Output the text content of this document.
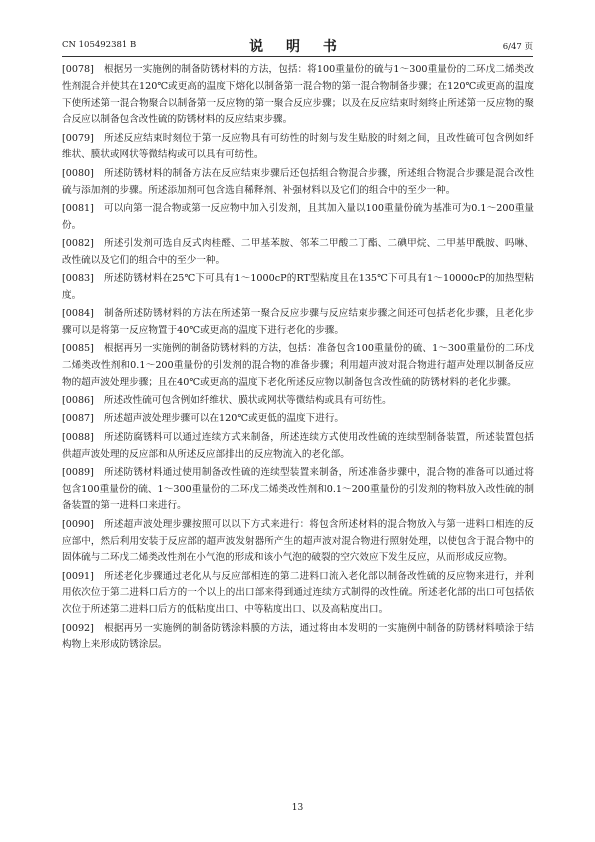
CN 105492381 B	说 明 书	6/47 页

[0078] 根据另一实施例的制备防锈材料的方法，包括：将100重量份的硫与1～300重量份的二环戊二烯类改性剂混合并使其在120℃或更高的温度下熔化以制备第一混合物的第一混合物制备步骤；在120℃或更高的温度下使所述第一混合物聚合以制备第一反应物的第一聚合反应步骤；以及在反应结束时刻终止所述第一反应物的聚合反应以制备包含改性硫的防锈材料的反应结束步骤。

[0079] 所述反应结束时刻位于第一反应物具有可纺性的时刻与发生贴胶的时刻之间，且改性硫可包含例如纤维状、膜状或网状等微结构或可以具有可纺性。

[0080] 所述防锈材料的制备方法在反应结束步骤后还包括组合物混合步骤，所述组合物混合步骤是混合改性硫与添加剂的步骤。所述添加剂可包含选自稀释剂、补强材料以及它们的组合中的至少一种。

[0081] 可以向第一混合物或第一反应物中加入引发剂，且其加入量以100重量份硫为基准可为0.1～200重量份。

[0082] 所述引发剂可选自反式肉桂醛、二甲基苯胺、邻苯二甲酸二丁酯、二碘甲烷、二甲基甲酰胺、吗啉、改性硫以及它们的组合中的至少一种。

[0083] 所述防锈材料在25℃下可具有1～1000cP的RT型粘度且在135℃下可具有1～10000cP的加热型粘度。

[0084] 制备所述防锈材料的方法在所述第一聚合反应步骤与反应结束步骤之间还可包括老化步骤，且老化步骤可以是将第一反应物置于40℃或更高的温度下进行老化的步骤。

[0085] 根据再另一实施例的制备防锈材料的方法，包括：准备包含100重量份的硫、1～300重量份的二环戊二烯类改性剂和0.1～200重量份的引发剂的混合物的准备步骤；利用超声波对混合物进行超声处理以制备反应物的超声波处理步骤；且在40℃或更高的温度下老化所述反应物以制备包含改性硫的防锈材料的老化步骤。

[0086] 所述改性硫可包含例如纤维状、膜状或网状等微结构或具有可纺性。

[0087] 所述超声波处理步骤可以在120℃或更低的温度下进行。

[0088] 所述防腐锈料可以通过连续方式来制备，所述连续方式使用改性硫的连续型制备装置，所述装置包括供超声波处理的反应部和从所述反应部排出的反应物流入的老化部。

[0089] 所述防锈材料通过使用制备改性硫的连续型装置来制备，所述准备步骤中，混合物的准备可以通过将包含100重量份的硫、1～300重量份的二环戊二烯类改性剂和0.1～200重量份的引发剂的物料放入改性硫的制备装置的第一进料口来进行。

[0090] 所述超声波处理步骤按照可以以下方式来进行：将包含所述材料的混合物放入与第一进料口相连的反应部中，然后利用安装于反应部的超声波发射器所产生的超声波对混合物进行照射处理，以使包含于混合物中的固体硫与二环戊二烯类改性剂在小气泡的形成和该小气泡的破裂的空穴效应下发生反应，从而形成反应物。

[0091] 所述老化步骤通过老化从与反应部相连的第二进料口流入老化部以制备改性硫的反应物来进行，并利用依次位于第二进料口后方的一个以上的出口部来得到通过连续方式制得的改性硫。所述老化部的出口可包括依次位于所述第二进料口后方的低粘度出口、中等粘度出口、以及高粘度出口。

[0092] 根据再另一实施例的制备防锈涂料膜的方法，通过将由本发明的一实施例中制备的防锈材料喷涂于结构物上来形成防锈涂层。

13
